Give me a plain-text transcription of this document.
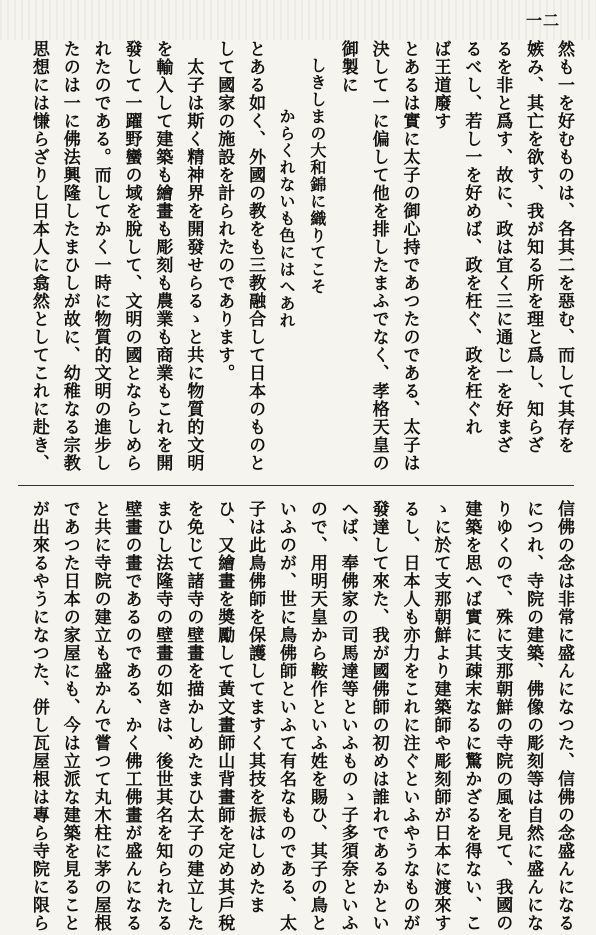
一二
然も一を好むものは、各其二を惡む、而して其存を
嫉み、其亡を欲す、我が知る所を理と爲し、知らざ
るを非と爲す、故に、政は宜く三に通じ一を好まざ
るべし、若し一を好めば、政を枉ぐ、政を枉ぐれ
ば王道廢す
とあるは實に太子の御心持であつたのである、太子は
決して一に偏して他を排したまふでなく、孝格天皇の
御製に
　しきしまの大和錦に織りてこそ
　　　　からくれないも色にはへあれ
とある如く、外國の教をも三教融合して日本のものと
して國家の施設を計られたのであります。
　太子は斯く精神界を開發せらるゝと共に物質的文明
を輸入して建築も繪畫も彫刻も農業も商業もこれを開
發して一躍野蠻の域を脫して、文明の國とならしめら
れたのである。而してかく一時に物質的文明の進步し
たのは一に佛法興隆したまひしが故に、幼稚なる宗教
思想には慊らざりし日本人に翕然としてこれに赴き、
信佛の念は非常に盛んになつた、信佛の念盛んになる
につれ、寺院の建築、佛像の彫刻等は自然に盛んにな
りゆくので、殊に支那朝鮮の寺院の風を見て、我國の
建築を思へば實に其疎末なるに驚かざるを得ない、こ
ゝに於て支那朝鮮より建築師や彫刻師が日本に渡來す
るし、日本人も亦力をこれに注ぐといふやうなものが
發達して來た、我が國佛師の初めは誰れであるかとい
へば、奉佛家の司馬達等といふものゝ子多須奈といふ
ので、用明天皇から鞍作といふ姓を賜ひ、其子の鳥と
いふのが、世に鳥佛師といふて有名なものである、太
子は此鳥佛師を保護してますく其技を振はしめたま
ひ、又繪畫を奬勵して黃文畫師山背畫師を定め其戶稅
を免じて諸寺の壁畫を描かしめたまひ太子の建立した
まひし法隆寺の壁畫の如きは、後世其名を知られたる
壁畫の畫であるのである、かく佛工佛畫が盛んになる
と共に寺院の建立も盛かんで嘗つて丸木柱に茅の屋根
であつた日本の家屋にも、今は立派な建築を見ること
が出來るやうになつた、併し瓦屋根は專ら寺院に限ら
